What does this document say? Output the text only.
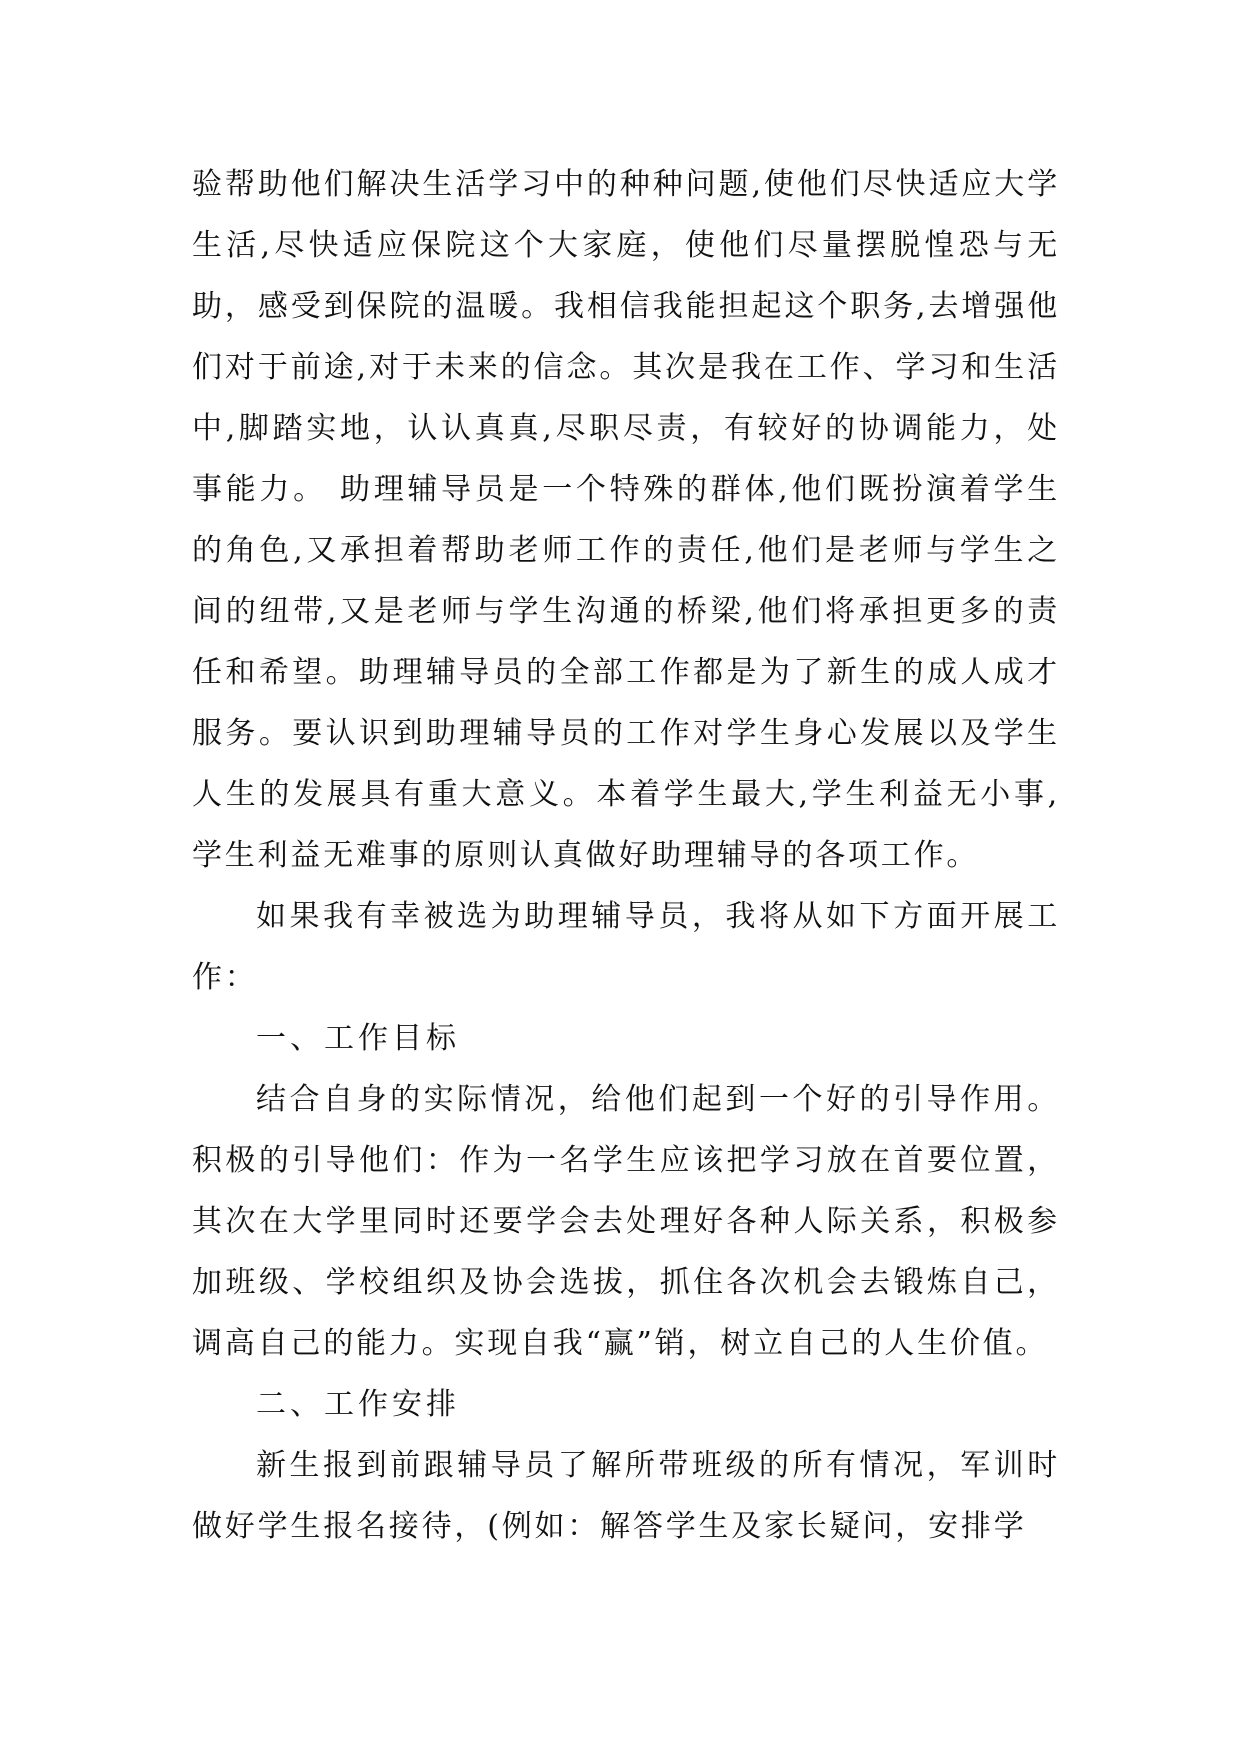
验帮助他们解决生活学习中的种种问题,使他们尽快适应大学生活,尽快适应保院这个大家庭，使他们尽量摆脱惶恐与无助，感受到保院的温暖。我相信我能担起这个职务,去增强他们对于前途,对于未来的信念。其次是我在工作、学习和生活中,脚踏实地，认认真真,尽职尽责，有较好的协调能力，处事能力。 助理辅导员是一个特殊的群体,他们既扮演着学生的角色,又承担着帮助老师工作的责任,他们是老师与学生之间的纽带,又是老师与学生沟通的桥梁,他们将承担更多的责任和希望。助理辅导员的全部工作都是为了新生的成人成才服务。要认识到助理辅导员的工作对学生身心发展以及学生人生的发展具有重大意义。本着学生最大,学生利益无小事,学生利益无难事的原则认真做好助理辅导的各项工作。

如果我有幸被选为助理辅导员，我将从如下方面开展工作：

一、工作目标

结合自身的实际情况，给他们起到一个好的引导作用。积极的引导他们：作为一名学生应该把学习放在首要位置，其次在大学里同时还要学会去处理好各种人际关系，积极参加班级、学校组织及协会选拔，抓住各次机会去锻炼自己，调高自己的能力。实现自我“赢”销，树立自己的人生价值。

二、工作安排

新生报到前跟辅导员了解所带班级的所有情况，军训时做好学生报名接待，(例如：解答学生及家长疑问，安排学
